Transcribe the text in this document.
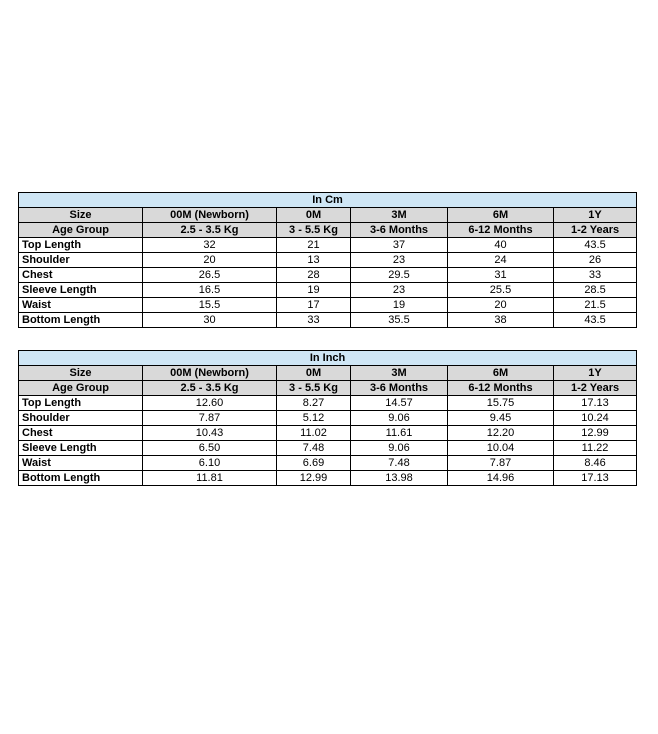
In Cm					
Size	00M (Newborn)	0M	3M	6M	1Y
Age Group	2.5 - 3.5 Kg	3 - 5.5 Kg	3-6 Months	6-12 Months	1-2 Years
Top Length	32	21	37	40	43.5
Shoulder	20	13	23	24	26
Chest	26.5	28	29.5	31	33
Sleeve Length	16.5	19	23	25.5	28.5
Waist	15.5	17	19	20	21.5
Bottom Length	30	33	35.5	38	43.5
In Inch					
Size	00M (Newborn)	0M	3M	6M	1Y
Age Group	2.5 - 3.5 Kg	3 - 5.5 Kg	3-6 Months	6-12 Months	1-2 Years
Top Length	12.60	8.27	14.57	15.75	17.13
Shoulder	7.87	5.12	9.06	9.45	10.24
Chest	10.43	11.02	11.61	12.20	12.99
Sleeve Length	6.50	7.48	9.06	10.04	11.22
Waist	6.10	6.69	7.48	7.87	8.46
Bottom Length	11.81	12.99	13.98	14.96	17.13
